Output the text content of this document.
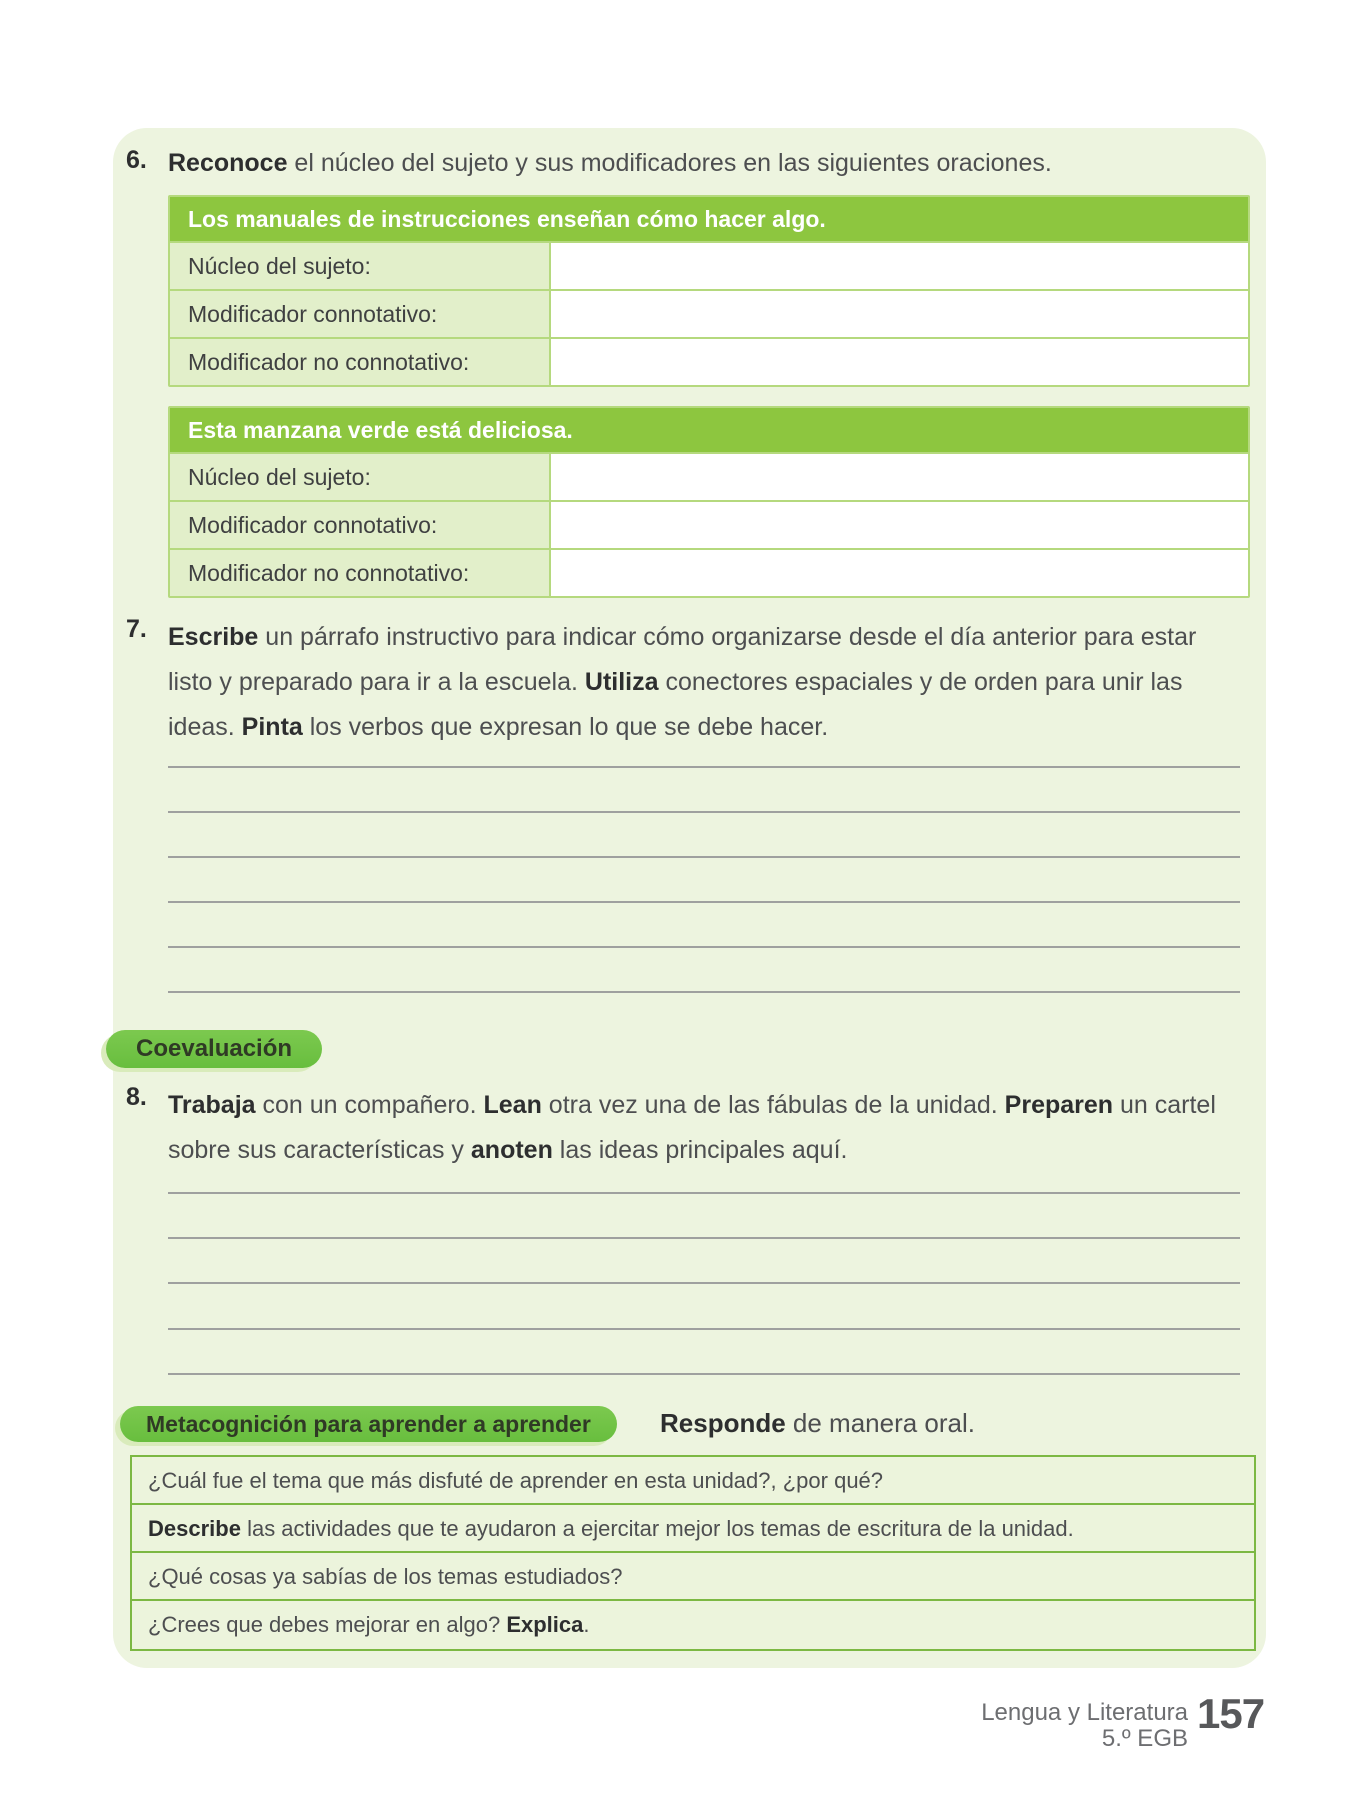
6. Reconoce el núcleo del sujeto y sus modificadores en las siguientes oraciones.
Los manuales de instrucciones enseñan cómo hacer algo.
Núcleo del sujeto:
Modificador connotativo:
Modificador no connotativo:
Esta manzana verde está deliciosa.
Núcleo del sujeto:
Modificador connotativo:
Modificador no connotativo:
7. Escribe un párrafo instructivo para indicar cómo organizarse desde el día anterior para estar listo y preparado para ir a la escuela. Utiliza conectores espaciales y de orden para unir las ideas. Pinta los verbos que expresan lo que se debe hacer.
Coevaluación
8. Trabaja con un compañero. Lean otra vez una de las fábulas de la unidad. Preparen un cartel sobre sus características y anoten las ideas principales aquí.
Metacognición para aprender a aprender	Responde de manera oral.
¿Cuál fue el tema que más disfuté de aprender en esta unidad?, ¿por qué?
Describe las actividades que te ayudaron a ejercitar mejor los temas de escritura de la unidad.
¿Qué cosas ya sabías de los temas estudiados?
¿Crees que debes mejorar en algo? Explica.
Lengua y Literatura
5.º EGB
157
